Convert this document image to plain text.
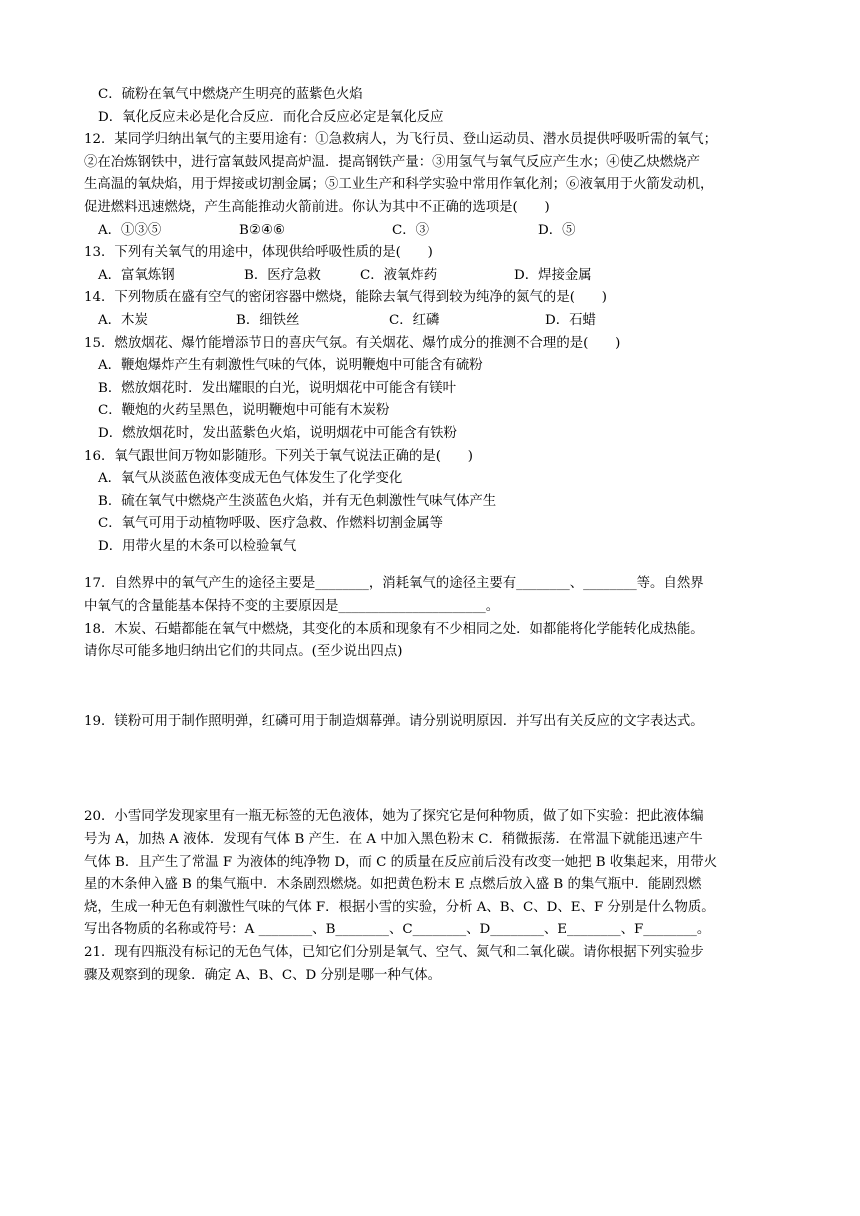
C．硫粉在氧气中燃烧产生明亮的蓝紫色火焰
D．氧化反应未必是化合反应．而化合反应必定是氧化反应
12．某同学归纳出氧气的主要用途有：①急救病人，为飞行员、登山运动员、潜水员提供呼吸听需的氧气；
②在冶炼钢铁中，进行富氧鼓风提高炉温．提高钢铁产量：③用氢气与氧气反应产生水；④使乙炔燃烧产
生高温的氧炔焰，用于焊接或切割金属；⑤工业生产和科学实验中常用作氧化剂；⑥液氧用于火箭发动机，
促进燃料迅速燃烧，产生高能推动火箭前进。你认为其中不正确的选项是(　　)
A．①③⑤	B②④⑥	C．③	D．⑤
13．下列有关氧气的用途中，体现供给呼吸性质的是(　　)
A．富氧炼钢	B．医疗急救	C．液氧炸药	D．焊接金属
14．下列物质在盛有空气的密闭容器中燃烧，能除去氧气得到较为纯净的氮气的是(　　)
A．木炭	B．细铁丝	C．红磷	D．石蜡
15．燃放烟花、爆竹能增添节日的喜庆气氛。有关烟花、爆竹成分的推测不合理的是(　　)
A．鞭炮爆炸产生有刺激性气味的气体，说明鞭炮中可能含有硫粉
B．燃放烟花时．发出耀眼的白光，说明烟花中可能含有镁叶
C．鞭炮的火药呈黑色，说明鞭炮中可能有木炭粉
D．燃放烟花时，发出蓝紫色火焰，说明烟花中可能含有铁粉
16．氧气跟世间万物如影随形。下列关于氧气说法正确的是(　　)
A．氧气从淡蓝色液体变成无色气体发生了化学变化
B．硫在氧气中燃烧产生淡蓝色火焰，并有无色刺激性气味气体产生
C．氧气可用于动植物呼吸、医疗急救、作燃料切割金属等
D．用带火星的木条可以检验氧气
17．自然界中的氧气产生的途径主要是________，消耗氧气的途径主要有________、________等。自然界
中氧气的含量能基本保持不变的主要原因是______________________。
18．木炭、石蜡都能在氧气中燃烧，其变化的本质和现象有不少相同之处．如都能将化学能转化成热能。
请你尽可能多地归纳出它们的共同点。(至少说出四点)
19．镁粉可用于制作照明弹，红磷可用于制造烟幕弹。请分别说明原因．并写出有关反应的文字表达式。
20．小雪同学发现家里有一瓶无标签的无色液体，她为了探究它是何种物质，做了如下实验：把此液体编
号为 A，加热 A 液体．发现有气体 B 产生．在 A 中加入黑色粉末 C．稍微振荡．在常温下就能迅速产牛
气体 B．且产生了常温 F 为液体的纯净物 D，而 C 的质量在反应前后没有改变一她把 B 收集起来，用带火
星的木条伸入盛 B 的集气瓶中．木条剧烈燃烧。如把黄色粉末 E 点燃后放入盛 B 的集气瓶中．能剧烈燃
烧，生成一种无色有刺激性气味的气体 F．根据小雪的实验，分析 A、B、C、D、E、F 分别是什么物质。
写出各物质的名称或符号：A ________、B________、C________、D________、E________、F________。
21．现有四瓶没有标记的无色气体，已知它们分别是氧气、空气、氮气和二氧化碳。请你根据下列实验步
骤及观察到的现象．确定 A、B、C、D 分别是哪一种气体。
